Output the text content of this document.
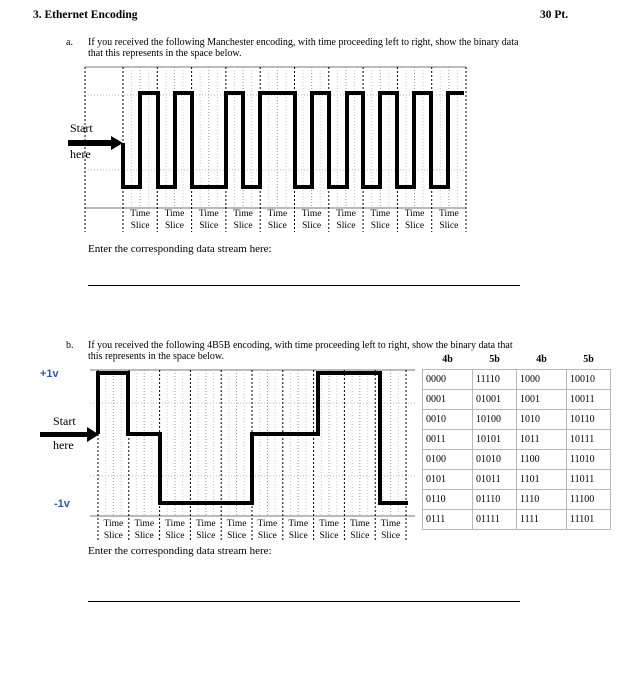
3. Ethernet Encoding	30 Pt.
a. If you received the following Manchester encoding, with time proceeding left to right, show the binary data
that this represents in the space below.
Time
Slice
Time
Slice
Time
Slice
Time
Slice
Time
Slice
Time
Slice
Time
Slice
Time
Slice
Time
Slice
Time
Slice
Start
here
Enter the corresponding data stream here:
b. If you received the following 4B5B encoding, with time proceeding left to right, show the binary data that
this represents in the space below.
Time
Slice
Time
Slice
Time
Slice
Time
Slice
Time
Slice
Time
Slice
Time
Slice
Time
Slice
Time
Slice
Time
Slice
+1v
-1v
Start
here
4b	5b	4b	5b
0000	11110	1000	10010
0001	01001	1001	10011
0010	10100	1010	10110
0011	10101	1011	10111
0100	01010	1100	11010
0101	01011	1101	11011
0110	01110	1110	11100
0111	01111	1111	11101
Enter the corresponding data stream here:
